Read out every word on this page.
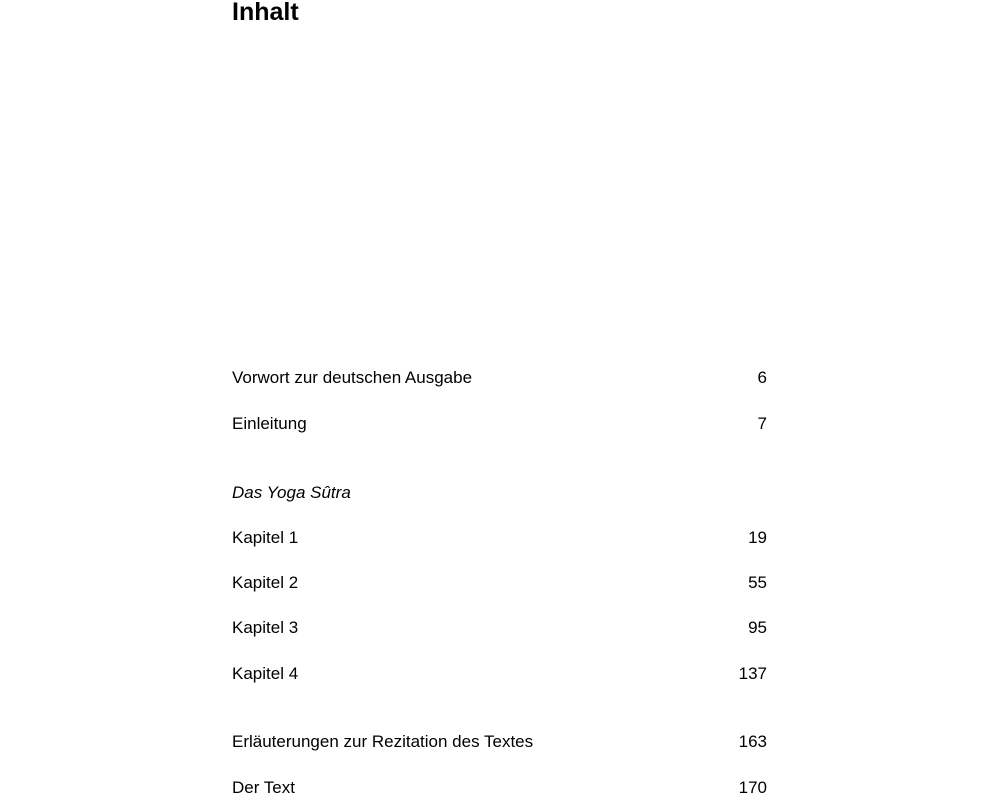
Inhalt
Vorwort zur deutschen Ausgabe	6
Einleitung	7
Das Yoga Sûtra
Kapitel 1	19
Kapitel 2	55
Kapitel 3	95
Kapitel 4	137
Erläuterungen zur Rezitation des Textes	163
Der Text	170
